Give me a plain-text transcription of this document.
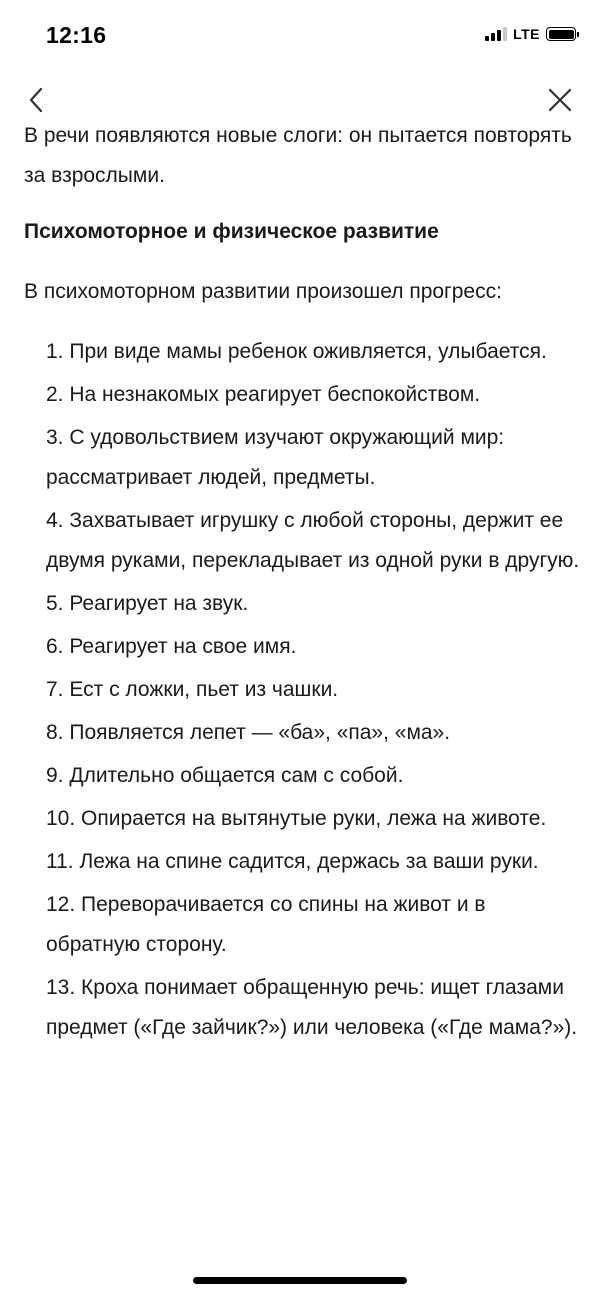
12:16	LTE

В речи появляются новые слоги: он пытается повторять за взрослыми.

Психомоторное и физическое развитие

В психомоторном развитии произошел прогресс:

1. При виде мамы ребенок оживляется, улыбается.
2. На незнакомых реагирует беспокойством.
3. С удовольствием изучают окружающий мир: рассматривает людей, предметы.
4. Захватывает игрушку с любой стороны, держит ее двумя руками, перекладывает из одной руки в другую.
5. Реагирует на звук.
6. Реагирует на свое имя.
7. Ест с ложки, пьет из чашки.
8. Появляется лепет — «ба», «па», «ма».
9. Длительно общается сам с собой.
10. Опирается на вытянутые руки, лежа на животе.
11. Лежа на спине садится, держась за ваши руки.
12. Переворачивается со спины на живот и в обратную сторону.
13. Кроха понимает обращенную речь: ищет глазами предмет («Где зайчик?») или человека («Где мама?»).
